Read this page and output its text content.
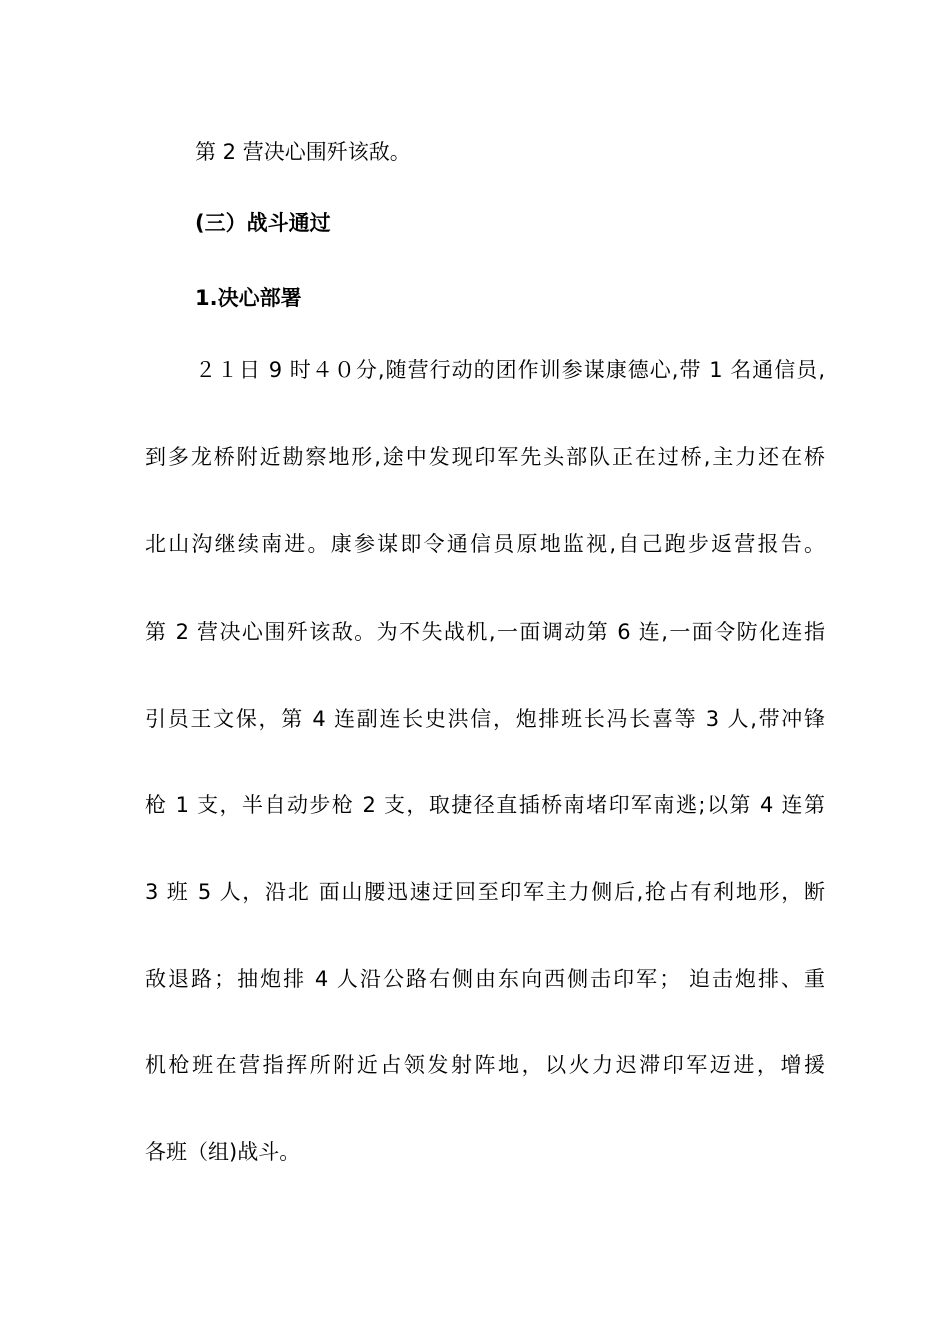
第 2 营决心围歼该敌。
(三）战斗通过
1.决心部署
２１日 9 时４０分,随营行动的团作训参谋康德心,带 1 名通信员,
到多龙桥附近勘察地形,途中发现印军先头部队正在过桥,主力还在桥
北山沟继续南进。康参谋即令通信员原地监视,自己跑步返营报告。
第 2 营决心围歼该敌。为不失战机,一面调动第 6 连,一面令防化连指
引员王文保，第 4 连副连长史洪信，炮排班长冯长喜等 3 人,带冲锋
枪 1 支，半自动步枪 2 支，取捷径直插桥南堵印军南逃;以第 4 连第
3 班 5 人，沿北 面山腰迅速迂回至印军主力侧后,抢占有利地形，断
敌退路；抽炮排 4 人沿公路右侧由东向西侧击印军； 迫击炮排、重
机枪班在营指挥所附近占领发射阵地，以火力迟滞印军迈进，增援
各班（组)战斗。
